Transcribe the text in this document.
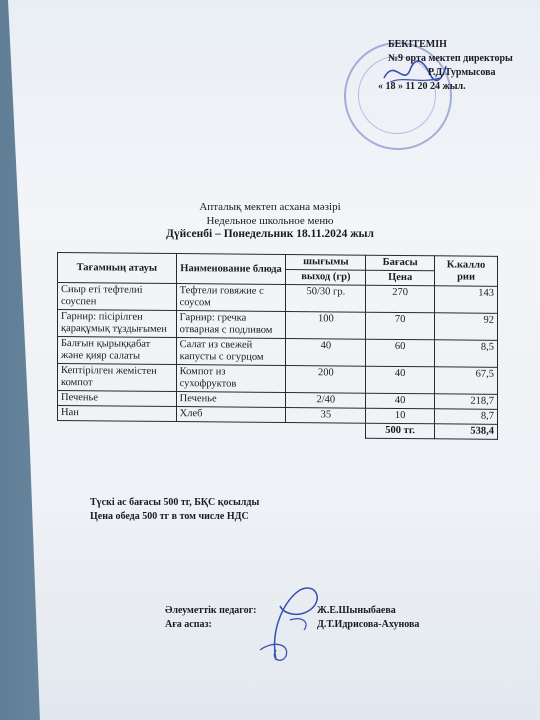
БЕКІТЕМІН
№9 орта мектеп директоры
Р.Д.Турмысова
« 18 » 11 20 24 жыл.
Апталық мектеп асхана мәзірі
Недельное школьное меню
Дүйсенбі – Понедельник 18.11.2024 жыл
Тағамның атауы	Наименование блюда	шығымы	Бағасы	К.калло рии
		выход (гр)	Цена	
Сиыр еті тефтелиі соуспен	Тефтели говяжие с соусом	50/30 гр.	270	143
Гарнир: пісірілген қарақұмық тұздығымен	Гарнир: гречка отварная с подливом	100	70	92
Балғын қырыққабат және қияр салаты	Салат из свежей капусты с огурцом	40	60	8,5
Кептірілген жемістен компот	Компот из сухофруктов	200	40	67,5
Печенье	Печенье	2/40	40	218,7
Нан	Хлеб	35	10	8,7
			500 тг.	538,4
Түскі ас бағасы 500 тг, БҚС қосылды
Цена обеда 500 тг в том числе НДС
Әлеуметтік педагог:	Ж.Е.Шыныбаева
Аға аспаз:	Д.Т.Идрисова-Ахунова
